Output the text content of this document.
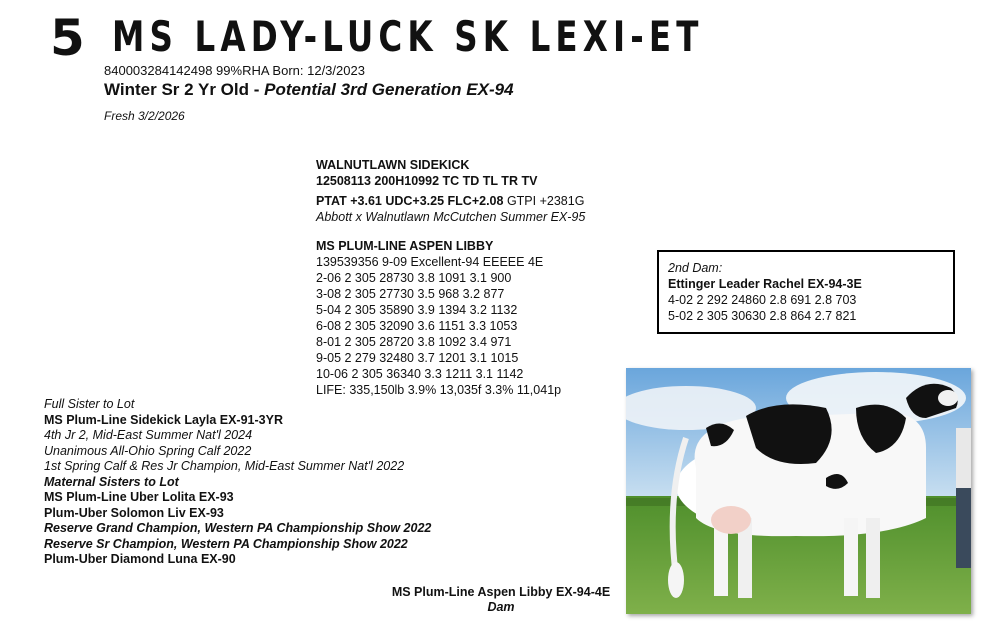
5 MS LADY-LUCK SK LEXI-ET
840003284142498 99%RHA Born: 12/3/2023
Winter Sr 2 Yr Old - Potential 3rd Generation EX-94
Fresh 3/2/2026
WALNUTLAWN SIDEKICK
12508113 200H10992 TC TD TL TR TV
PTAT +3.61 UDC+3.25 FLC+2.08 GTPI +2381G
Abbott x Walnutlawn McCutchen Summer EX-95
MS PLUM-LINE ASPEN LIBBY
139539356 9-09 Excellent-94 EEEEE 4E
2-06 2 305 28730 3.8 1091 3.1 900
3-08 2 305 27730 3.5 968 3.2 877
5-04 2 305 35890 3.9 1394 3.2 1132
6-08 2 305 32090 3.6 1151 3.3 1053
8-01 2 305 28720 3.8 1092 3.4 971
9-05 2 279 32480 3.7 1201 3.1 1015
10-06 2 305 36340 3.3 1211 3.1 1142
LIFE: 335,150lb 3.9% 13,035f 3.3% 11,041p
2nd Dam:
Ettinger Leader Rachel EX-94-3E
4-02 2 292 24860 2.8 691 2.8 703
5-02 2 305 30630 2.8 864 2.7 821
Full Sister to Lot
MS Plum-Line Sidekick Layla EX-91-3YR
4th Jr 2, Mid-East Summer Nat'l 2024
Unanimous All-Ohio Spring Calf 2022
1st Spring Calf & Res Jr Champion, Mid-East Summer Nat'l 2022
Maternal Sisters to Lot
MS Plum-Line Uber Lolita EX-93
Plum-Uber Solomon Liv EX-93
Reserve Grand Champion, Western PA Championship Show 2022
Reserve Sr Champion, Western PA Championship Show 2022
Plum-Uber Diamond Luna EX-90
MS Plum-Line Aspen Libby EX-94-4E
Dam
